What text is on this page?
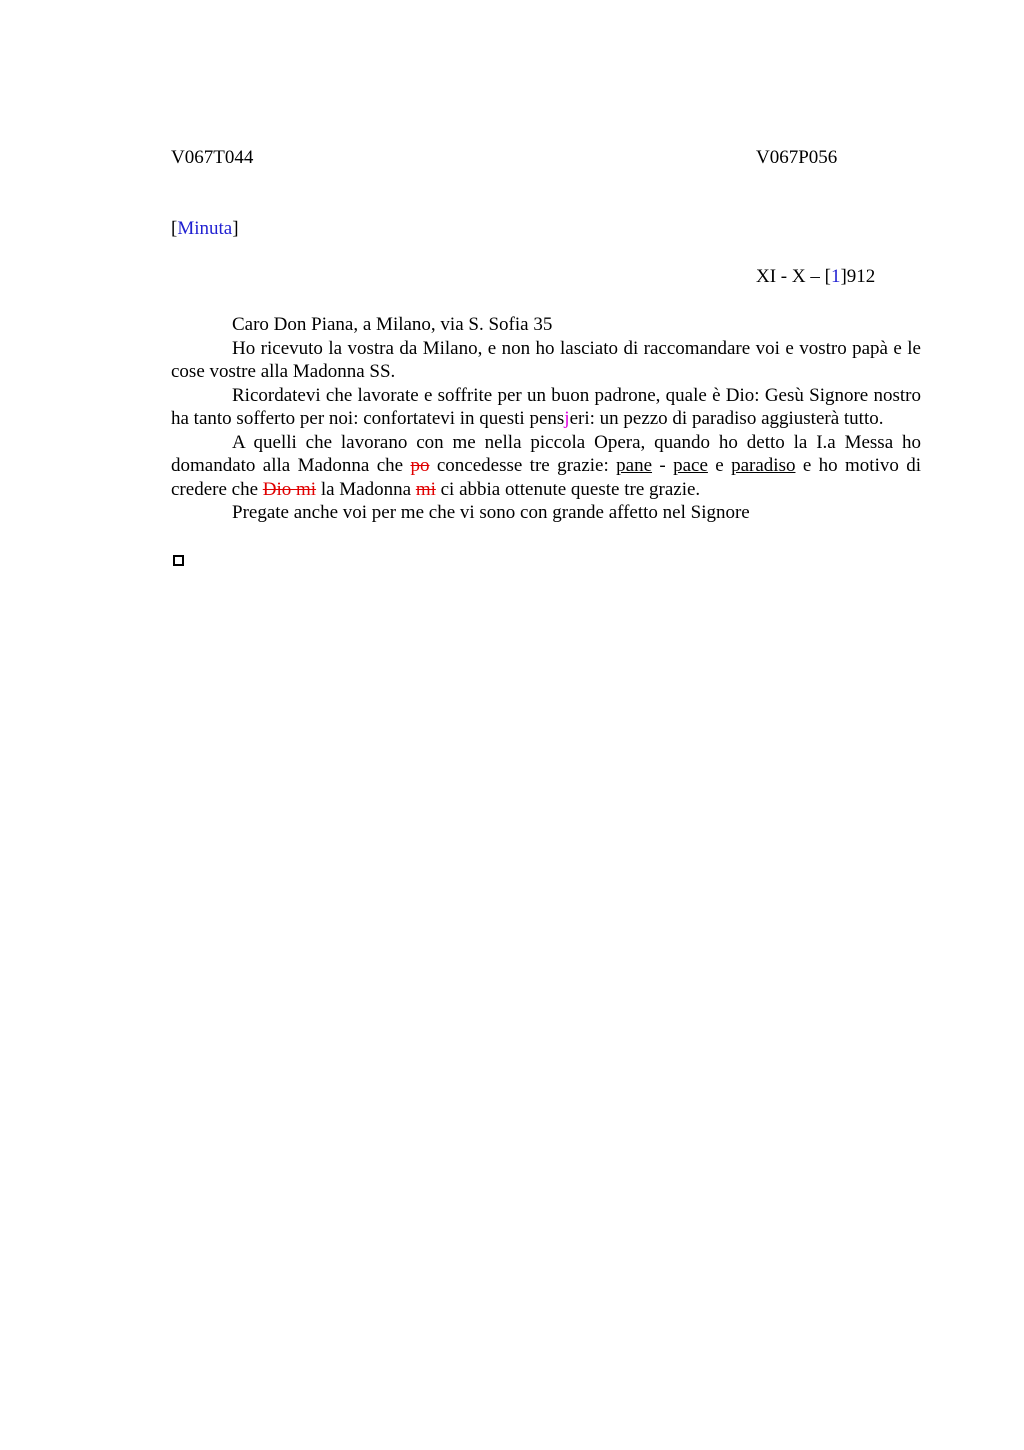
V067T044	V067P056
[Minuta]
XI - X – [1]912

Caro Don Piana, a Milano, via S. Sofia 35

Ho ricevuto la vostra da Milano, e non ho lasciato di raccomandare voi e vostro papà e le cose vostre alla Madonna SS.

Ricordatevi che lavorate e soffrite per un buon padrone, quale è Dio: Gesù Signore nostro ha tanto sofferto per noi: confortatevi in questi pensjeri: un pezzo di paradiso aggiusterà tutto.

A quelli che lavorano con me nella piccola Opera, quando ho detto la I.a Messa ho domandato alla Madonna che po concedesse tre grazie: pane - pace e paradiso e ho motivo di credere che Dio mi la Madonna mi ci abbia ottenute queste tre grazie.

Pregate anche voi per me che vi sono con grande affetto nel Signore
